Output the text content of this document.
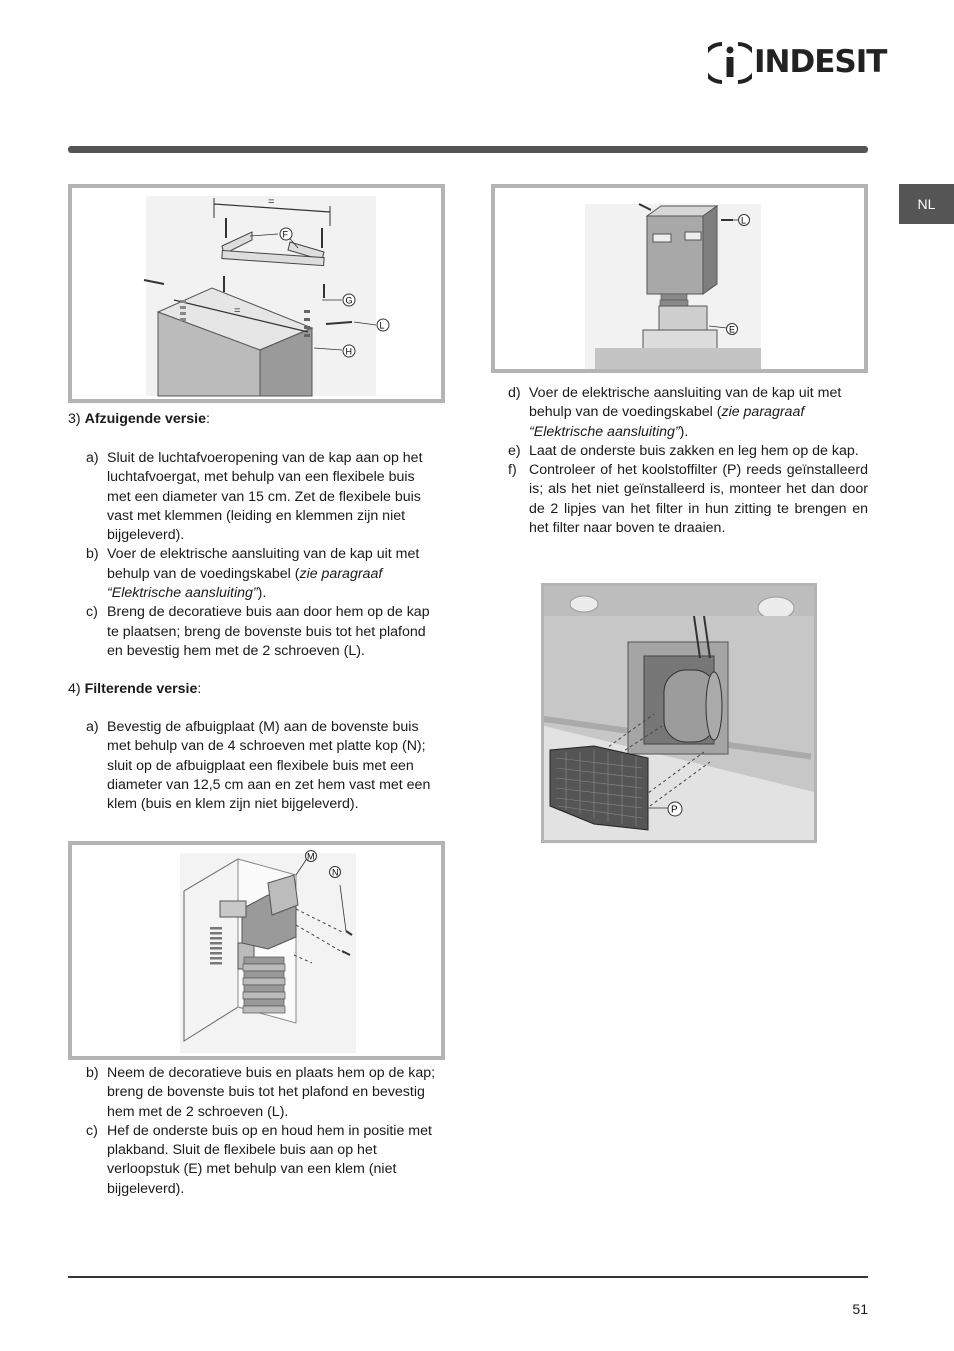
INDESIT
NL
=
=
F
G
L
H
L
E

3) Afzuigende versie:

a) Sluit de luchtafvoeropening van de kap aan op het luchtafvoergat, met behulp van een flexibele buis met een diameter van 15 cm. Zet de flexibele buis vast met klemmen (leiding en klemmen zijn niet bijgeleverd).
b) Voer de elektrische aansluiting van de kap uit met behulp van de voedingskabel (zie paragraaf “Elektrische aansluiting”).
c) Breng de decoratieve buis aan door hem op de kap te plaatsen; breng de bovenste buis tot het plafond en bevestig hem met de 2 schroeven (L).

4) Filterende versie:

a) Bevestig de afbuigplaat (M) aan de bovenste buis met behulp van de 4 schroeven met platte kop (N); sluit op de afbuigplaat een flexibele buis met een diameter van 12,5 cm aan en zet hem vast met een klem (buis en klem zijn niet bijgeleverd).
M
N
b) Neem de decoratieve buis en plaats hem op de kap; breng de bovenste buis tot het plafond en bevestig hem met de 2 schroeven (L).
c) Hef de onderste buis op en houd hem in positie met plakband. Sluit de flexibele buis aan op het verloopstuk (E) met behulp van een klem (niet bijgeleverd).
d) Voer de elektrische aansluiting van de kap uit met behulp van de voedingskabel (zie paragraaf “Elektrische aansluiting”).
e) Laat de onderste buis zakken en leg hem op de kap.
f) Controleer of het koolstoffilter (P) reeds geïnstalleerd is; als het niet geïnstalleerd is, monteer het dan door de 2 lipjes van het filter in hun zitting te brengen en het filter naar boven te draaien.
P
51
